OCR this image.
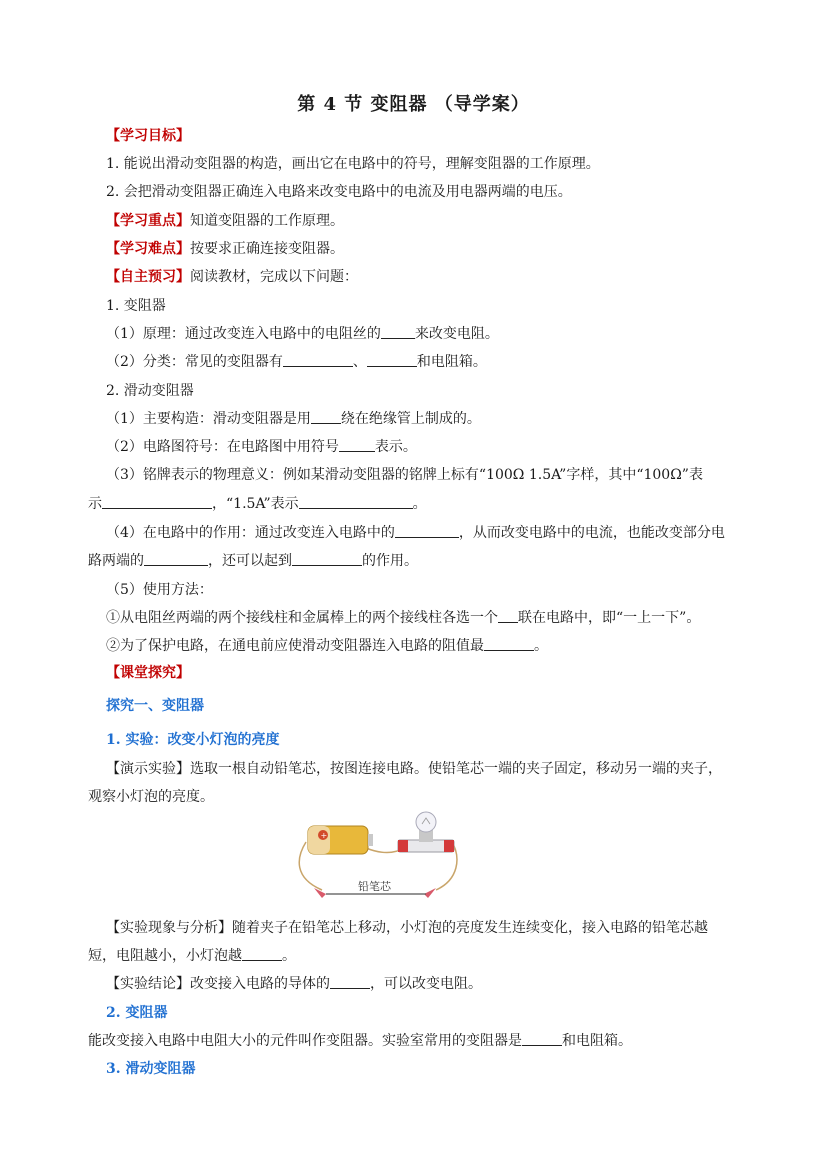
第 4 节 变阻器 （导学案）
【学习目标】
1. 能说出滑动变阻器的构造，画出它在电路中的符号，理解变阻器的工作原理。
2. 会把滑动变阻器正确连入电路来改变电路中的电流及用电器两端的电压。
【学习重点】知道变阻器的工作原理。
【学习难点】按要求正确连接变阻器。
【自主预习】阅读教材，完成以下问题：
1. 变阻器
（1）原理：通过改变连入电路中的电阻丝的 来改变电阻。
（2）分类：常见的变阻器有	、	和电阻箱。
2. 滑动变阻器
（1）主要构造：滑动变阻器是用 绕在绝缘管上制成的。
（2）电路图符号：在电路图中用符号	表示。
（3）铭牌表示的物理意义：例如某滑动变阻器的铭牌上标有“100Ω 1.5A”字样，其中“100Ω”表
示	，“1.5A”表示	。
（4）在电路中的作用：通过改变连入电路中的	，从而改变电路中的电流，也能改变部分电
路两端的	，还可以起到	的作用。
（5）使用方法：
①从电阻丝两端的两个接线柱和金属棒上的两个接线柱各选一个 联在电路中，即“一上一下”。
②为了保护电路，在通电前应使滑动变阻器连入电路的阻值最	。
【课堂探究】
探究一、变阻器
1. 实验：改变小灯泡的亮度
【演示实验】选取一根自动铅笔芯，按图连接电路。使铅笔芯一端的夹子固定，移动另一端的夹子，
观察小灯泡的亮度。
+
铅笔芯
【实验现象与分析】随着夹子在铅笔芯上移动，小灯泡的亮度发生连续变化，接入电路的铅笔芯越
短，电阻越小，小灯泡越	。
【实验结论】改变接入电路的导体的	，可以改变电阻。
2. 变阻器
能改变接入电路中电阻大小的元件叫作变阻器。实验室常用的变阻器是	和电阻箱。
3. 滑动变阻器
